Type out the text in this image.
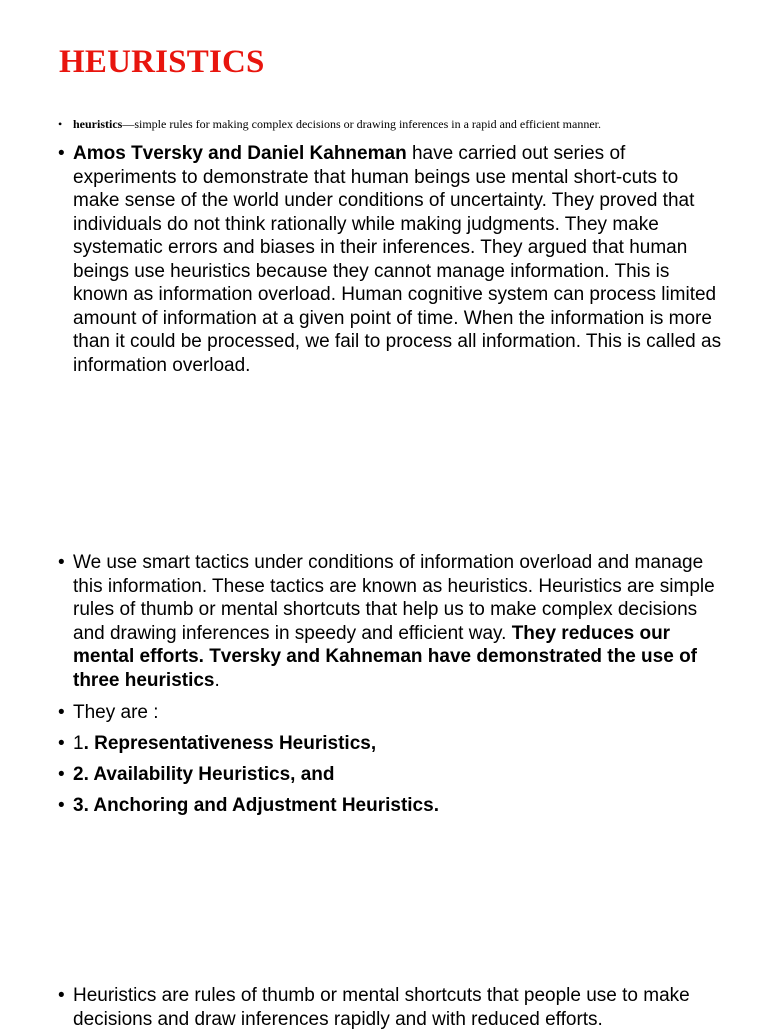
HEURISTICS
• heuristics—simple rules for making complex decisions or drawing inferences in a rapid and efficient manner.
• Amos Tversky and Daniel Kahneman have carried out series of experiments to demonstrate that human beings use mental short-cuts to make sense of the world under conditions of uncertainty. They proved that individuals do not think rationally while making judgments. They make systematic errors and biases in their inferences. They argued that human beings use heuristics because they cannot manage information. This is known as information overload. Human cognitive system can process limited amount of information at a given point of time. When the information is more than it could be processed, we fail to process all information. This is called as information overload.
• We use smart tactics under conditions of information overload and manage this information. These tactics are known as heuristics. Heuristics are simple rules of thumb or mental shortcuts that help us to make complex decisions and drawing inferences in speedy and efficient way. They reduces our mental efforts. Tversky and Kahneman have demonstrated the use of three heuristics.
• They are :
• 1. Representativeness Heuristics,
• 2. Availability Heuristics, and
• 3. Anchoring and Adjustment Heuristics.
• Heuristics are rules of thumb or mental shortcuts that people use to make decisions and draw inferences rapidly and with reduced efforts.
